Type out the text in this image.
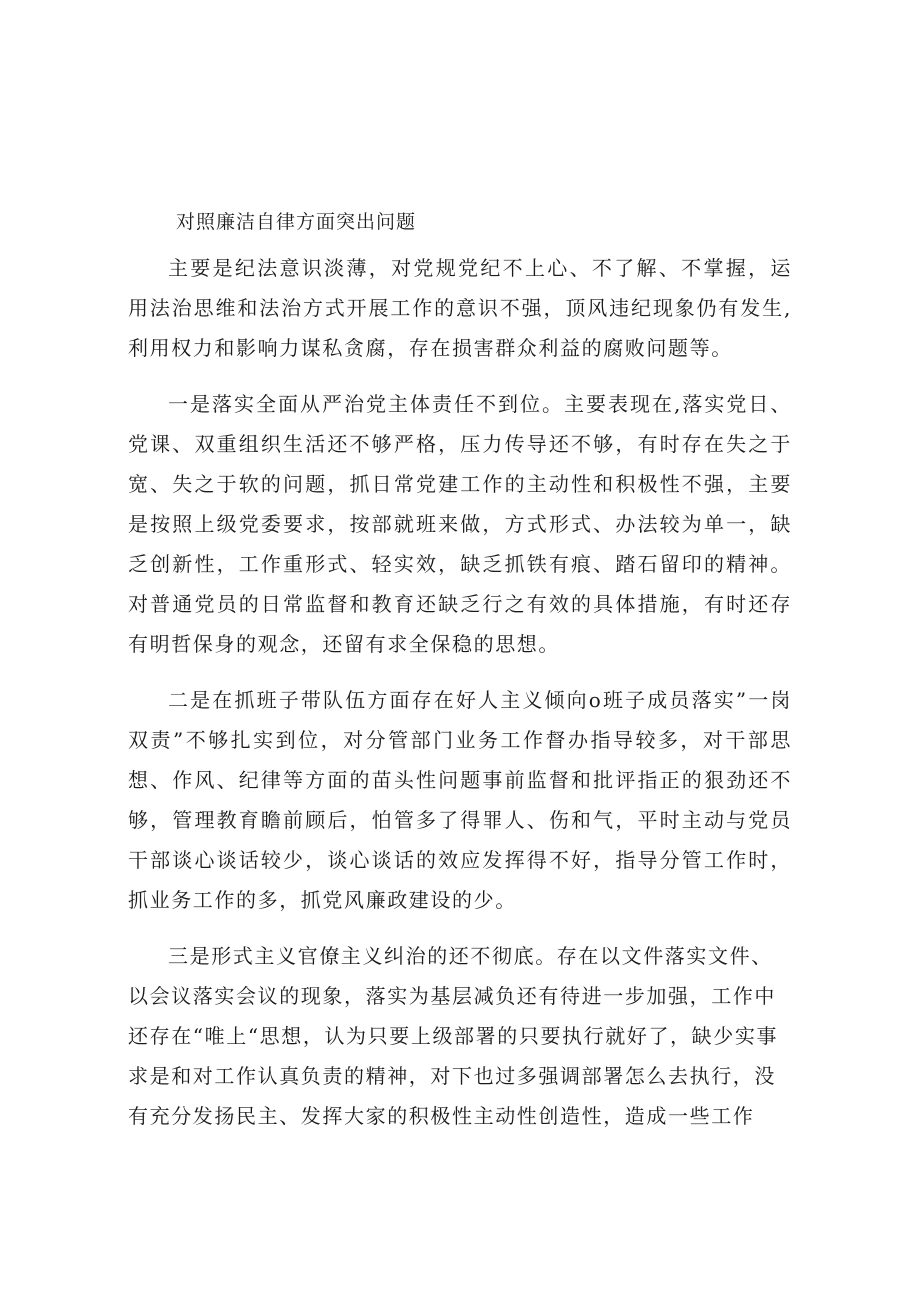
对照廉洁自律方面突出问题

主要是纪法意识淡薄，对党规党纪不上心、不了解、不掌握，运用法治思维和法治方式开展工作的意识不强，顶风违纪现象仍有发生,利用权力和影响力谋私贪腐，存在损害群众利益的腐败问题等。

一是落实全面从严治党主体责任不到位。主要表现在,落实党日、党课、双重组织生活还不够严格，压力传导还不够，有时存在失之于宽、失之于软的问题，抓日常党建工作的主动性和积极性不强，主要是按照上级党委要求，按部就班来做，方式形式、办法较为单一，缺乏创新性，工作重形式、轻实效，缺乏抓铁有痕、踏石留印的精神。对普通党员的日常监督和教育还缺乏行之有效的具体措施，有时还存有明哲保身的观念，还留有求全保稳的思想。

二是在抓班子带队伍方面存在好人主义倾向o班子成员落实”一岗双责”不够扎实到位，对分管部门业务工作督办指导较多，对干部思想、作风、纪律等方面的苗头性问题事前监督和批评指正的狠劲还不够，管理教育瞻前顾后，怕管多了得罪人、伤和气，平时主动与党员干部谈心谈话较少，谈心谈话的效应发挥得不好，指导分管工作时，抓业务工作的多，抓党风廉政建设的少。

三是形式主义官僚主义纠治的还不彻底。存在以文件落实文件、以会议落实会议的现象，落实为基层减负还有待进一步加强，工作中还存在“唯上“思想，认为只要上级部署的只要执行就好了，缺少实事求是和对工作认真负责的精神，对下也过多强调部署怎么去执行，没有充分发扬民主、发挥大家的积极性主动性创造性，造成一些工作
